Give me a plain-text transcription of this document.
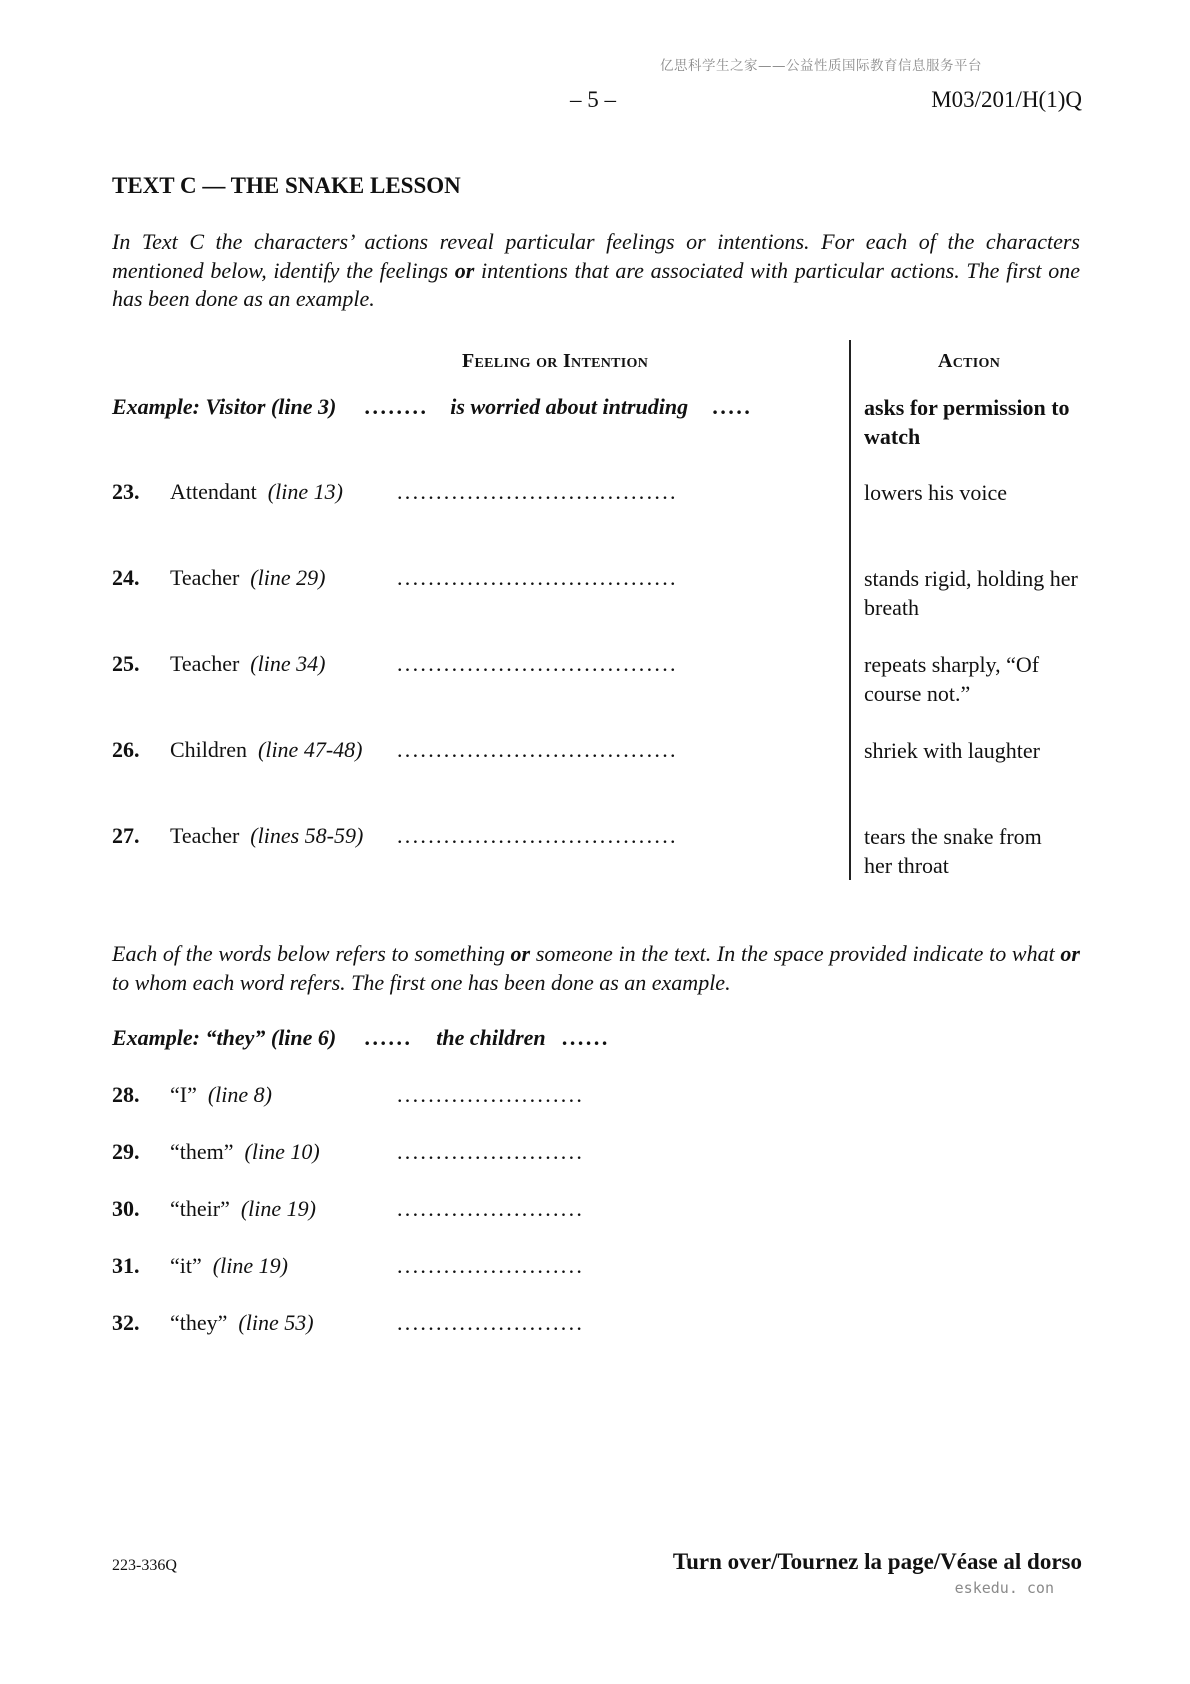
亿思科学生之家——公益性质国际教育信息服务平台
– 5 –	M03/201/H(1)Q
TEXT C — THE SNAKE LESSON
In Text C the characters’ actions reveal particular feelings or intentions. For each of the characters mentioned below, identify the feelings or intentions that are associated with particular actions. The first one has been done as an example.
Feeling or Intention	Action
Example: Visitor (line 3) ........ is worried about intruding .....	asks for permission to watch
23. Attendant (line 13) ....................................	lowers his voice
24. Teacher (line 29)	....................................	stands rigid, holding her breath
25. Teacher (line 34)	....................................	repeats sharply, “Of course not.”
26. Children (line 47-48) ....................................	shriek with laughter
27. Teacher (lines 58-59) ....................................	tears the snake from her throat
Each of the words below refers to something or someone in the text. In the space provided indicate to what or to whom each word refers. The first one has been done as an example.
Example: “they” (line 6) ...... the children ......
28. “I” (line 8)	........................
29. “them” (line 10)	........................
30. “their” (line 19)	........................
31. “it” (line 19)	........................
32. “they” (line 53)	........................
223-336Q	Turn over/Tournez la page/Véase al dorso
eskedu. con
